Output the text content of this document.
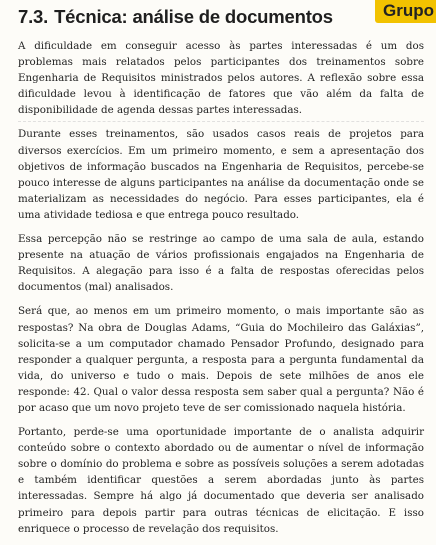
7.3. Técnica: análise de documentos	Grupo

A dificuldade em conseguir acesso às partes interessadas é um dos problemas mais relatados pelos participantes dos treinamentos sobre Engenharia de Requisitos ministrados pelos autores. A reflexão sobre essa dificuldade levou à identificação de fatores que vão além da falta de disponibilidade de agenda dessas partes interessadas.

Durante esses treinamentos, são usados casos reais de projetos para diversos exercícios. Em um primeiro momento, e sem a apresentação dos objetivos de informação buscados na Engenharia de Requisitos, percebe-se pouco interesse de alguns participantes na análise da documentação onde se materializam as necessidades do negócio. Para esses participantes, ela é uma atividade tediosa e que entrega pouco resultado.

Essa percepção não se restringe ao campo de uma sala de aula, estando presente na atuação de vários profissionais engajados na Engenharia de Requisitos. A alegação para isso é a falta de respostas oferecidas pelos documentos (mal) analisados.

Será que, ao menos em um primeiro momento, o mais importante são as respostas? Na obra de Douglas Adams, “Guia do Mochileiro das Galáxias”, solicita-se a um computador chamado Pensador Profundo, designado para responder a qualquer pergunta, a resposta para a pergunta fundamental da vida, do universo e tudo o mais. Depois de sete milhões de anos ele responde: 42. Qual o valor dessa resposta sem saber qual a pergunta? Não é por acaso que um novo projeto teve de ser comissionado naquela história.

Portanto, perde-se uma oportunidade importante de o analista adquirir conteúdo sobre o contexto abordado ou de aumentar o nível de informação sobre o domínio do problema e sobre as possíveis soluções a serem adotadas e também identificar questões a serem abordadas junto às partes interessadas. Sempre há algo já documentado que deveria ser analisado primeiro para depois partir para outras técnicas de elicitação. E isso enriquece o processo de revelação dos requisitos.
